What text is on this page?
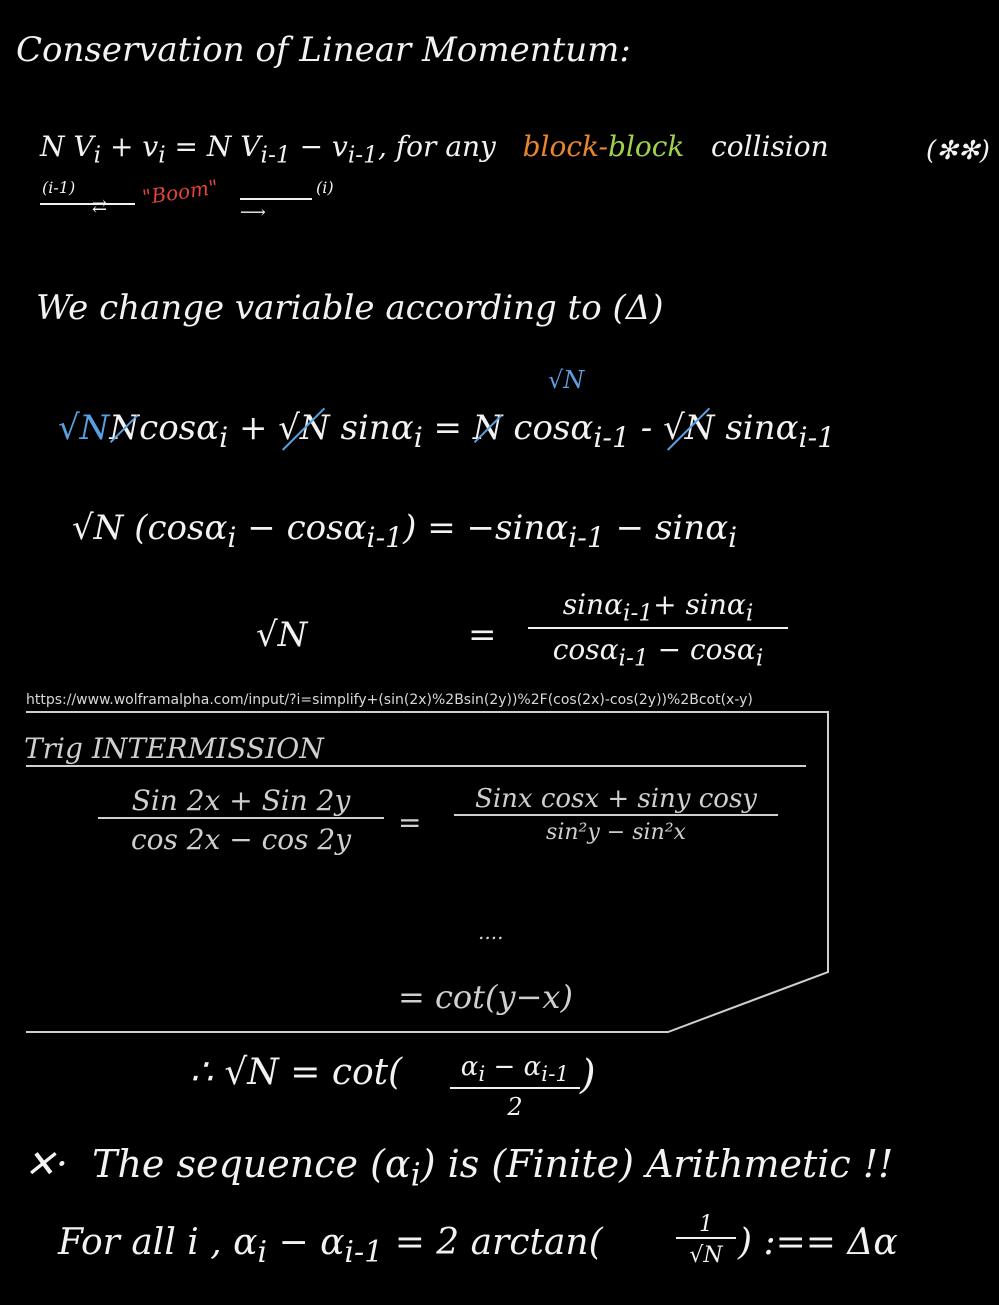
Conservation of Linear Momentum:
N $V_i + v_i = N$ $V_{i-1} - v_{i-1}$, for any block-block collision	(✻✻)
(i-1)
⇄ "Boom"
⟶
(i)
We change variable according to (Δ)
√NNcosα$_i$ + √N sinα$_i$ = N cosα$_{i-1}$ - √N sinα$_{i-1}$
√N
√N (cosα$_i$ − cosα$_{i-1}$) = −sinα$_{i-1}$ − sinα$_i$
√N	= $\frac{\sin\alpha_{i-1}+ \sin\alpha_i}{\cos\alpha_{i-1} - \cos\alpha_i}$
https://www.wolframalpha.com/input/?i=simplify+(sin(2x)%2Bsin(2y))%2F(cos(2x)-cos(2y))%2Bcot(x-y)
Trig INTERMISSION
Sin 2x + Sin 2y
cos 2x − cos 2y
=
Sinx cosx + siny cosy
sin²y − sin²x
....
= cot(y−x)
∴ $√N = \cot( \frac{\alpha_i - \alpha_{i-1}}{2}$ )
✕· The sequence $(\alpha_i)$ is (Finite) Arithmetic !!
For all i , $\alpha_i - \alpha_{i-1} = 2$ arctan(	$\frac{1}{√N}$ ) :== Δα
